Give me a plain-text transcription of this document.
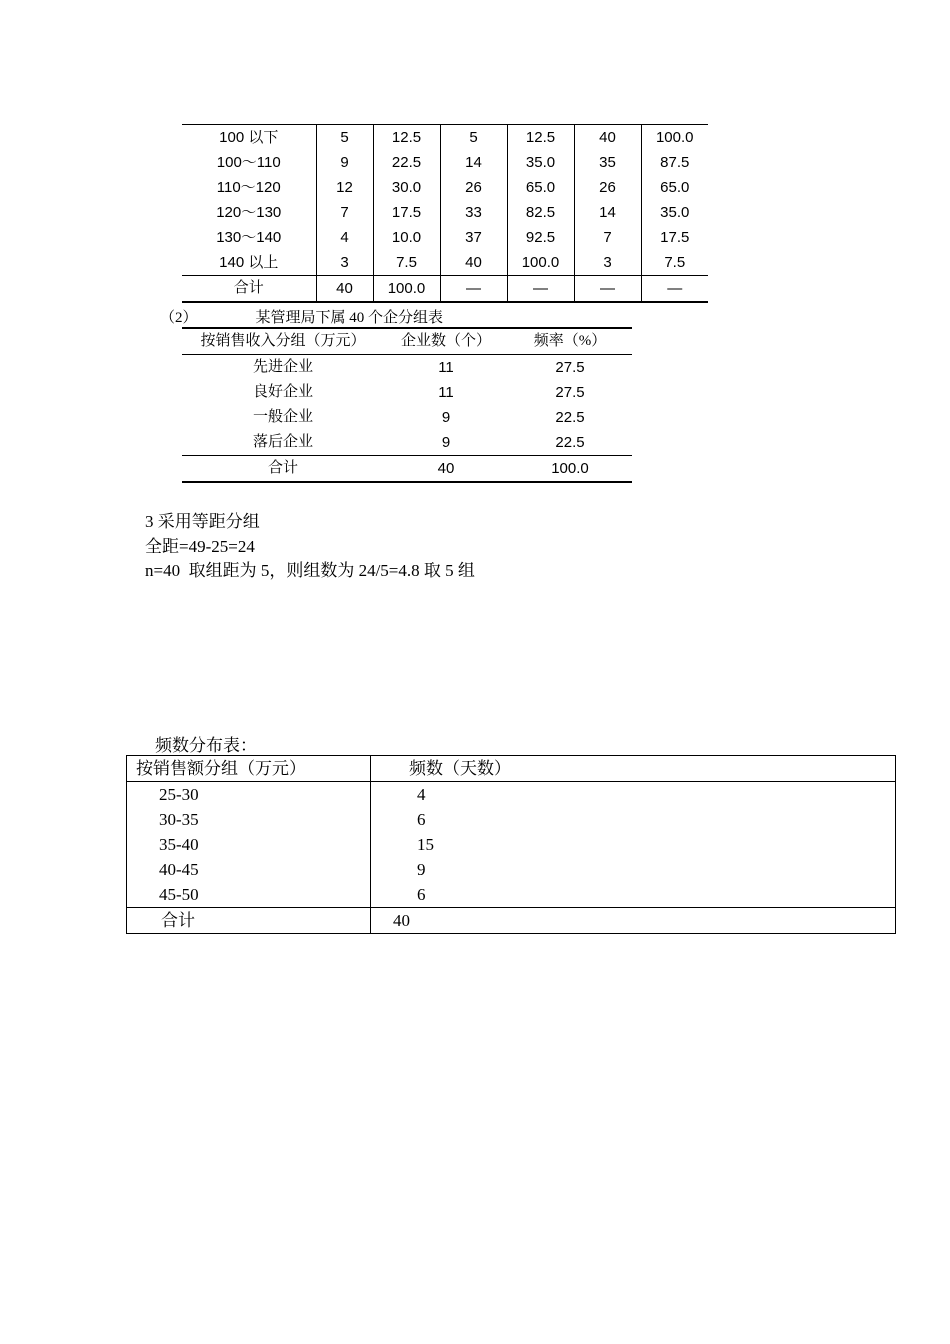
100 以下	5	12.5	5	12.5	40	100.0
100～110	9	22.5	14	35.0	35	87.5
110～120	12	30.0	26	65.0	26	65.0
120～130	7	17.5	33	82.5	14	35.0
130～140	4	10.0	37	92.5	7	17.5
140 以上	3	7.5	40	100.0	3	7.5
合计	40	100.0	—	—	—	—
（2）	某管理局下属 40 个企分组表
按销售收入分组（万元）	企业数（个）	频率（%）
先进企业	11	27.5
良好企业	11	27.5
一般企业	9	22.5
落后企业	9	22.5
合计	40	100.0
3 采用等距分组
全距=49-25=24
n=40  取组距为 5，则组数为 24/5=4.8 取 5 组
频数分布表：
按销售额分组（万元）	频数（天数）
25-30	4
30-35	6
35-40	15
40-45	9
45-50	6
合计	40
